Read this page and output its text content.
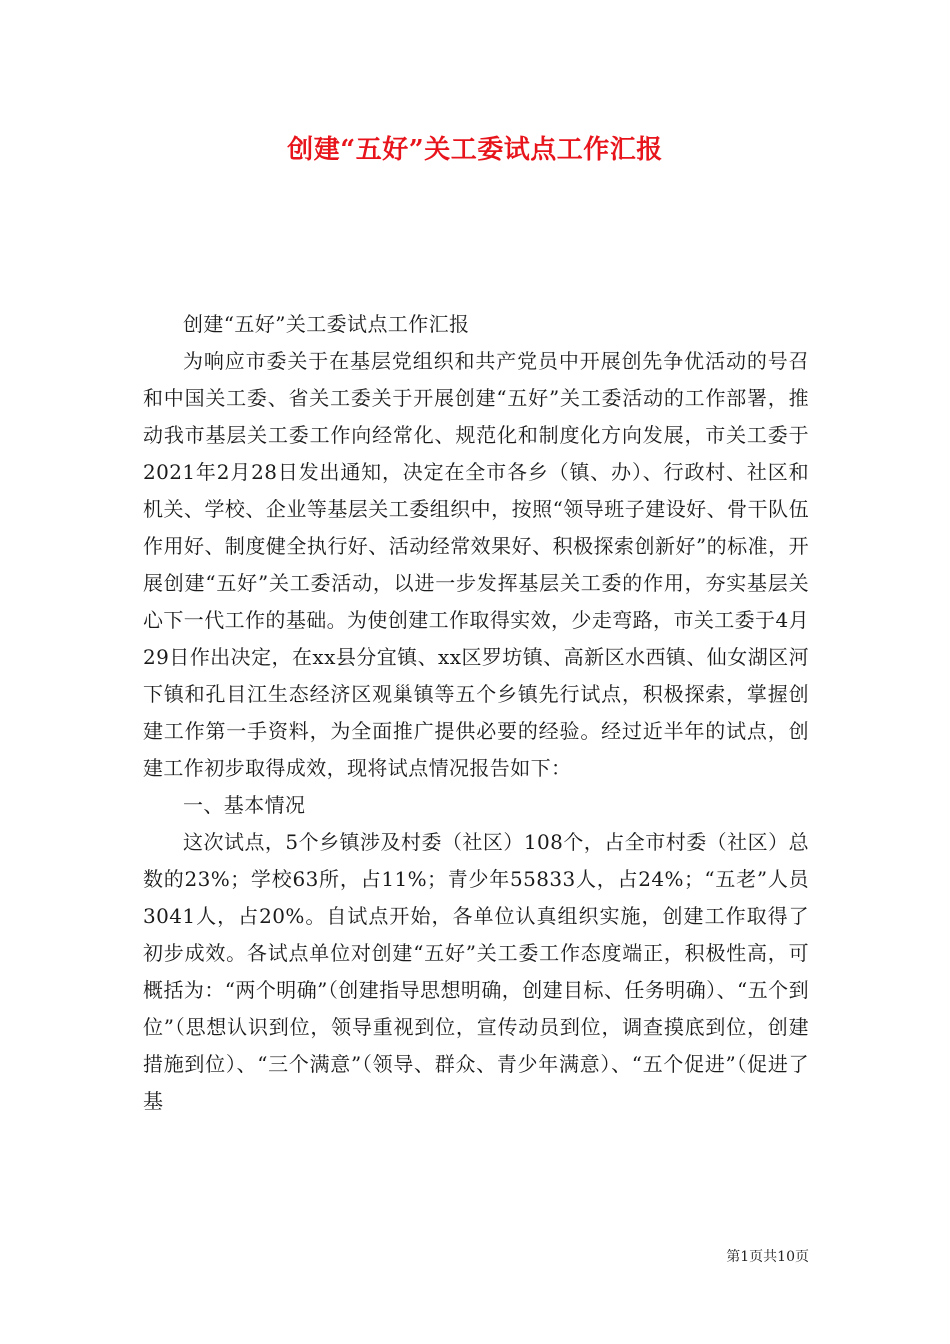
创建“五好”关工委试点工作汇报

创建“五好”关工委试点工作汇报

为响应市委关于在基层党组织和共产党员中开展创先争优活动的号召和中国关工委、省关工委关于开展创建“五好”关工委活动的工作部署，推动我市基层关工委工作向经常化、规范化和制度化方向发展，市关工委于2021年2月28日发出通知，决定在全市各乡（镇、办）、行政村、社区和机关、学校、企业等基层关工委组织中，按照“领导班子建设好、骨干队伍作用好、制度健全执行好、活动经常效果好、积极探索创新好”的标准，开展创建“五好”关工委活动，以进一步发挥基层关工委的作用，夯实基层关心下一代工作的基础。为使创建工作取得实效，少走弯路，市关工委于4月29日作出决定，在xx县分宜镇、xx区罗坊镇、高新区水西镇、仙女湖区河下镇和孔目江生态经济区观巢镇等五个乡镇先行试点，积极探索，掌握创建工作第一手资料，为全面推广提供必要的经验。经过近半年的试点，创建工作初步取得成效，现将试点情况报告如下：

一、基本情况

这次试点，5个乡镇涉及村委（社区）108个，占全市村委（社区）总数的23%；学校63所，占11%；青少年55833人，占24%；“五老”人员3041人，占20%。自试点开始，各单位认真组织实施，创建工作取得了初步成效。各试点单位对创建“五好”关工委工作态度端正，积极性高，可概括为：“两个明确”（创建指导思想明确，创建目标、任务明确）、“五个到位”（思想认识到位，领导重视到位，宣传动员到位，调查摸底到位，创建措施到位）、“三个满意”（领导、群众、青少年满意）、“五个促进”（促进了基

第1页共10页
